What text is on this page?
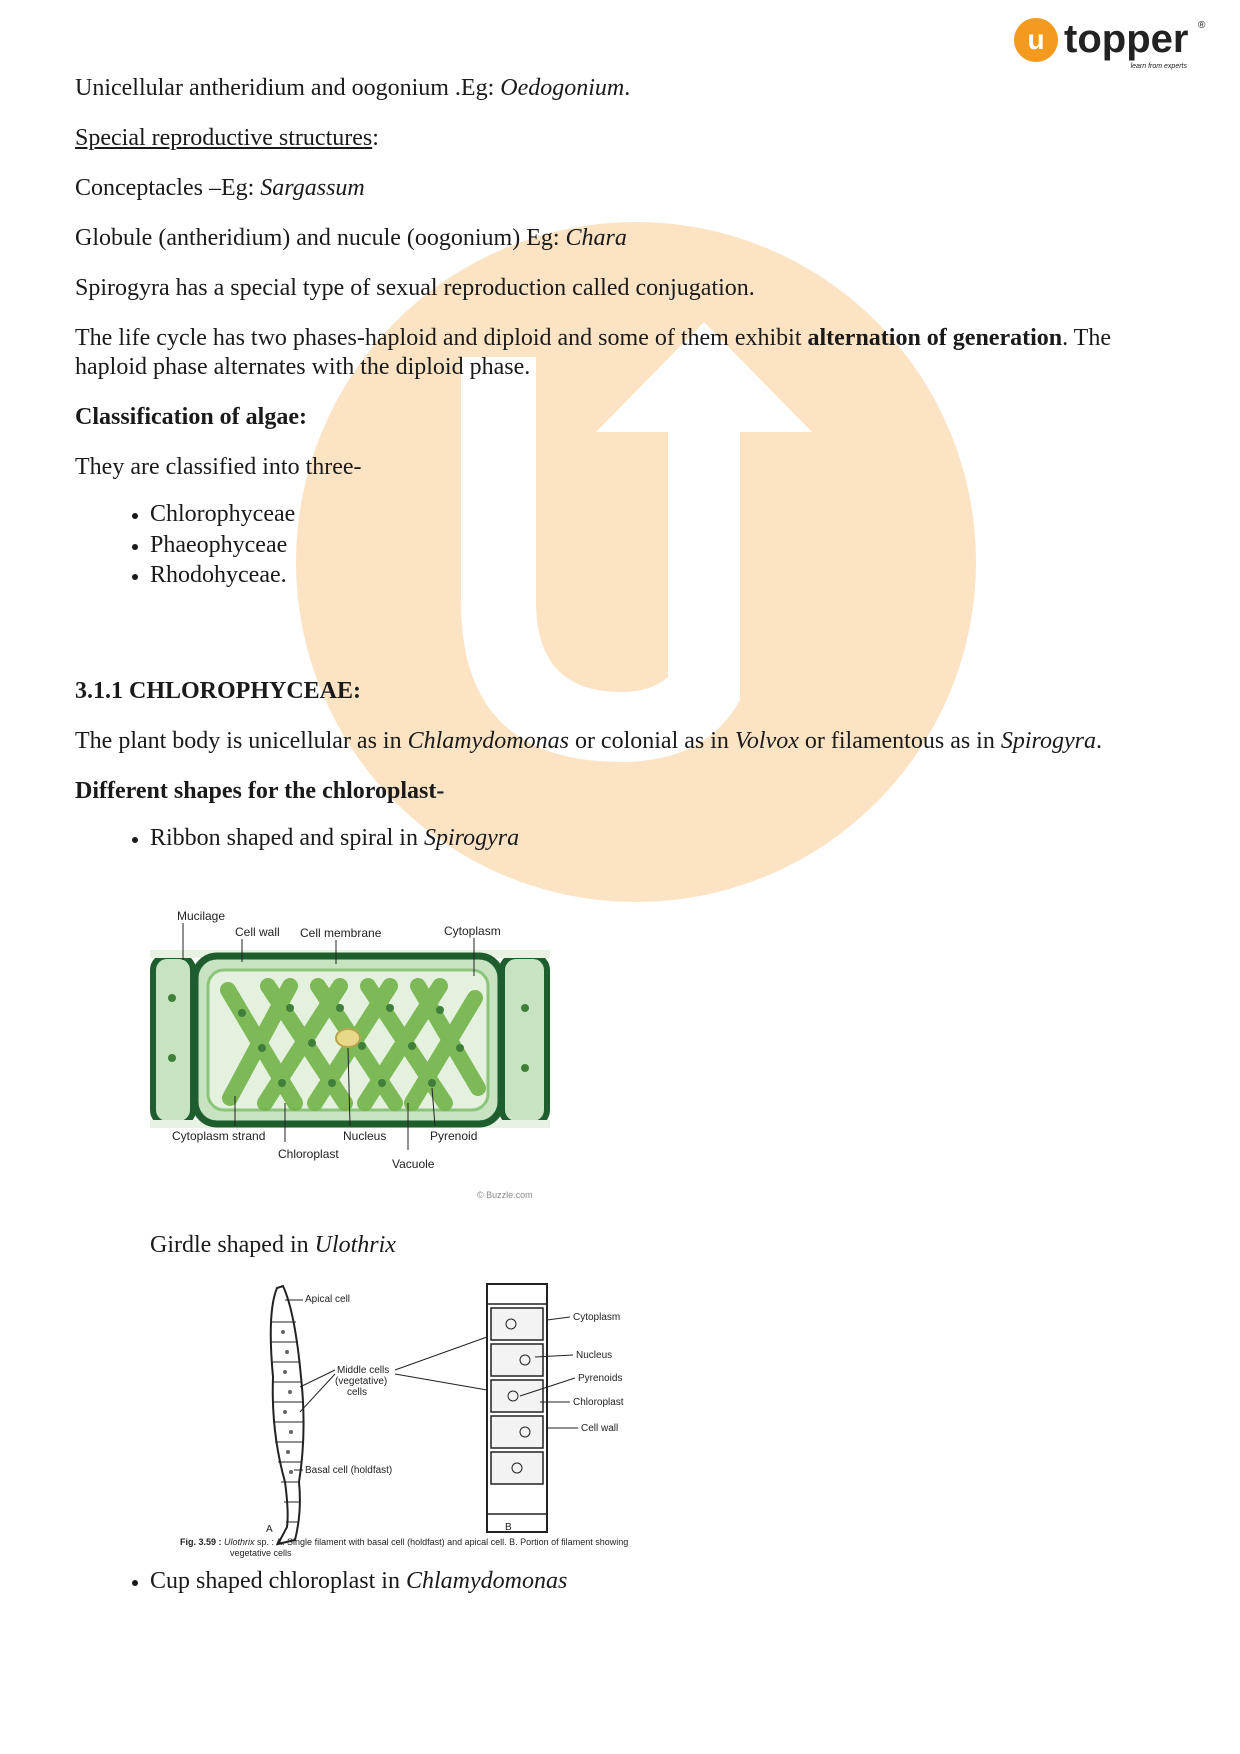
u topper ®
learn from experts

Unicellular antheridium and oogonium .Eg: Oedogonium.

Special reproductive structures:

Conceptacles –Eg: Sargassum

Globule (antheridium) and nucule (oogonium) Eg: Chara

Spirogyra has a special type of sexual reproduction called conjugation.

The life cycle has two phases-haploid and diploid and some of them exhibit alternation of generation. The haploid phase alternates with the diploid phase.

Classification of algae:

They are classified into three-

• Chlorophyceae
• Phaeophyceae
• Rhodohyceae.

3.1.1 CHLOROPHYCEAE:

The plant body is unicellular as in Chlamydomonas or colonial as in Volvox or filamentous as in Spirogyra.

Different shapes for the chloroplast-

• Ribbon shaped and spiral in Spirogyra

Girdle shaped in Ulothrix

• Cup shaped chloroplast in Chlamydomonas
Mucilage
Cell wall Cell membrane	Cytoplasm
Cytoplasm strand
Chloroplast
Nucleus	Pyrenoid
Vacuole
© Buzzle.com
Apical cell
Middle cells
(vegetative)
cells
Basal cell (holdfast)
A	B
Cytoplasm
Nucleus
Pyrenoids
Chloroplast
Cell wall
Fig. 3.59 : Ulothrix sp. : A. Single filament with basal cell (holdfast) and apical cell. B. Portion of filament showing
vegetative cells
